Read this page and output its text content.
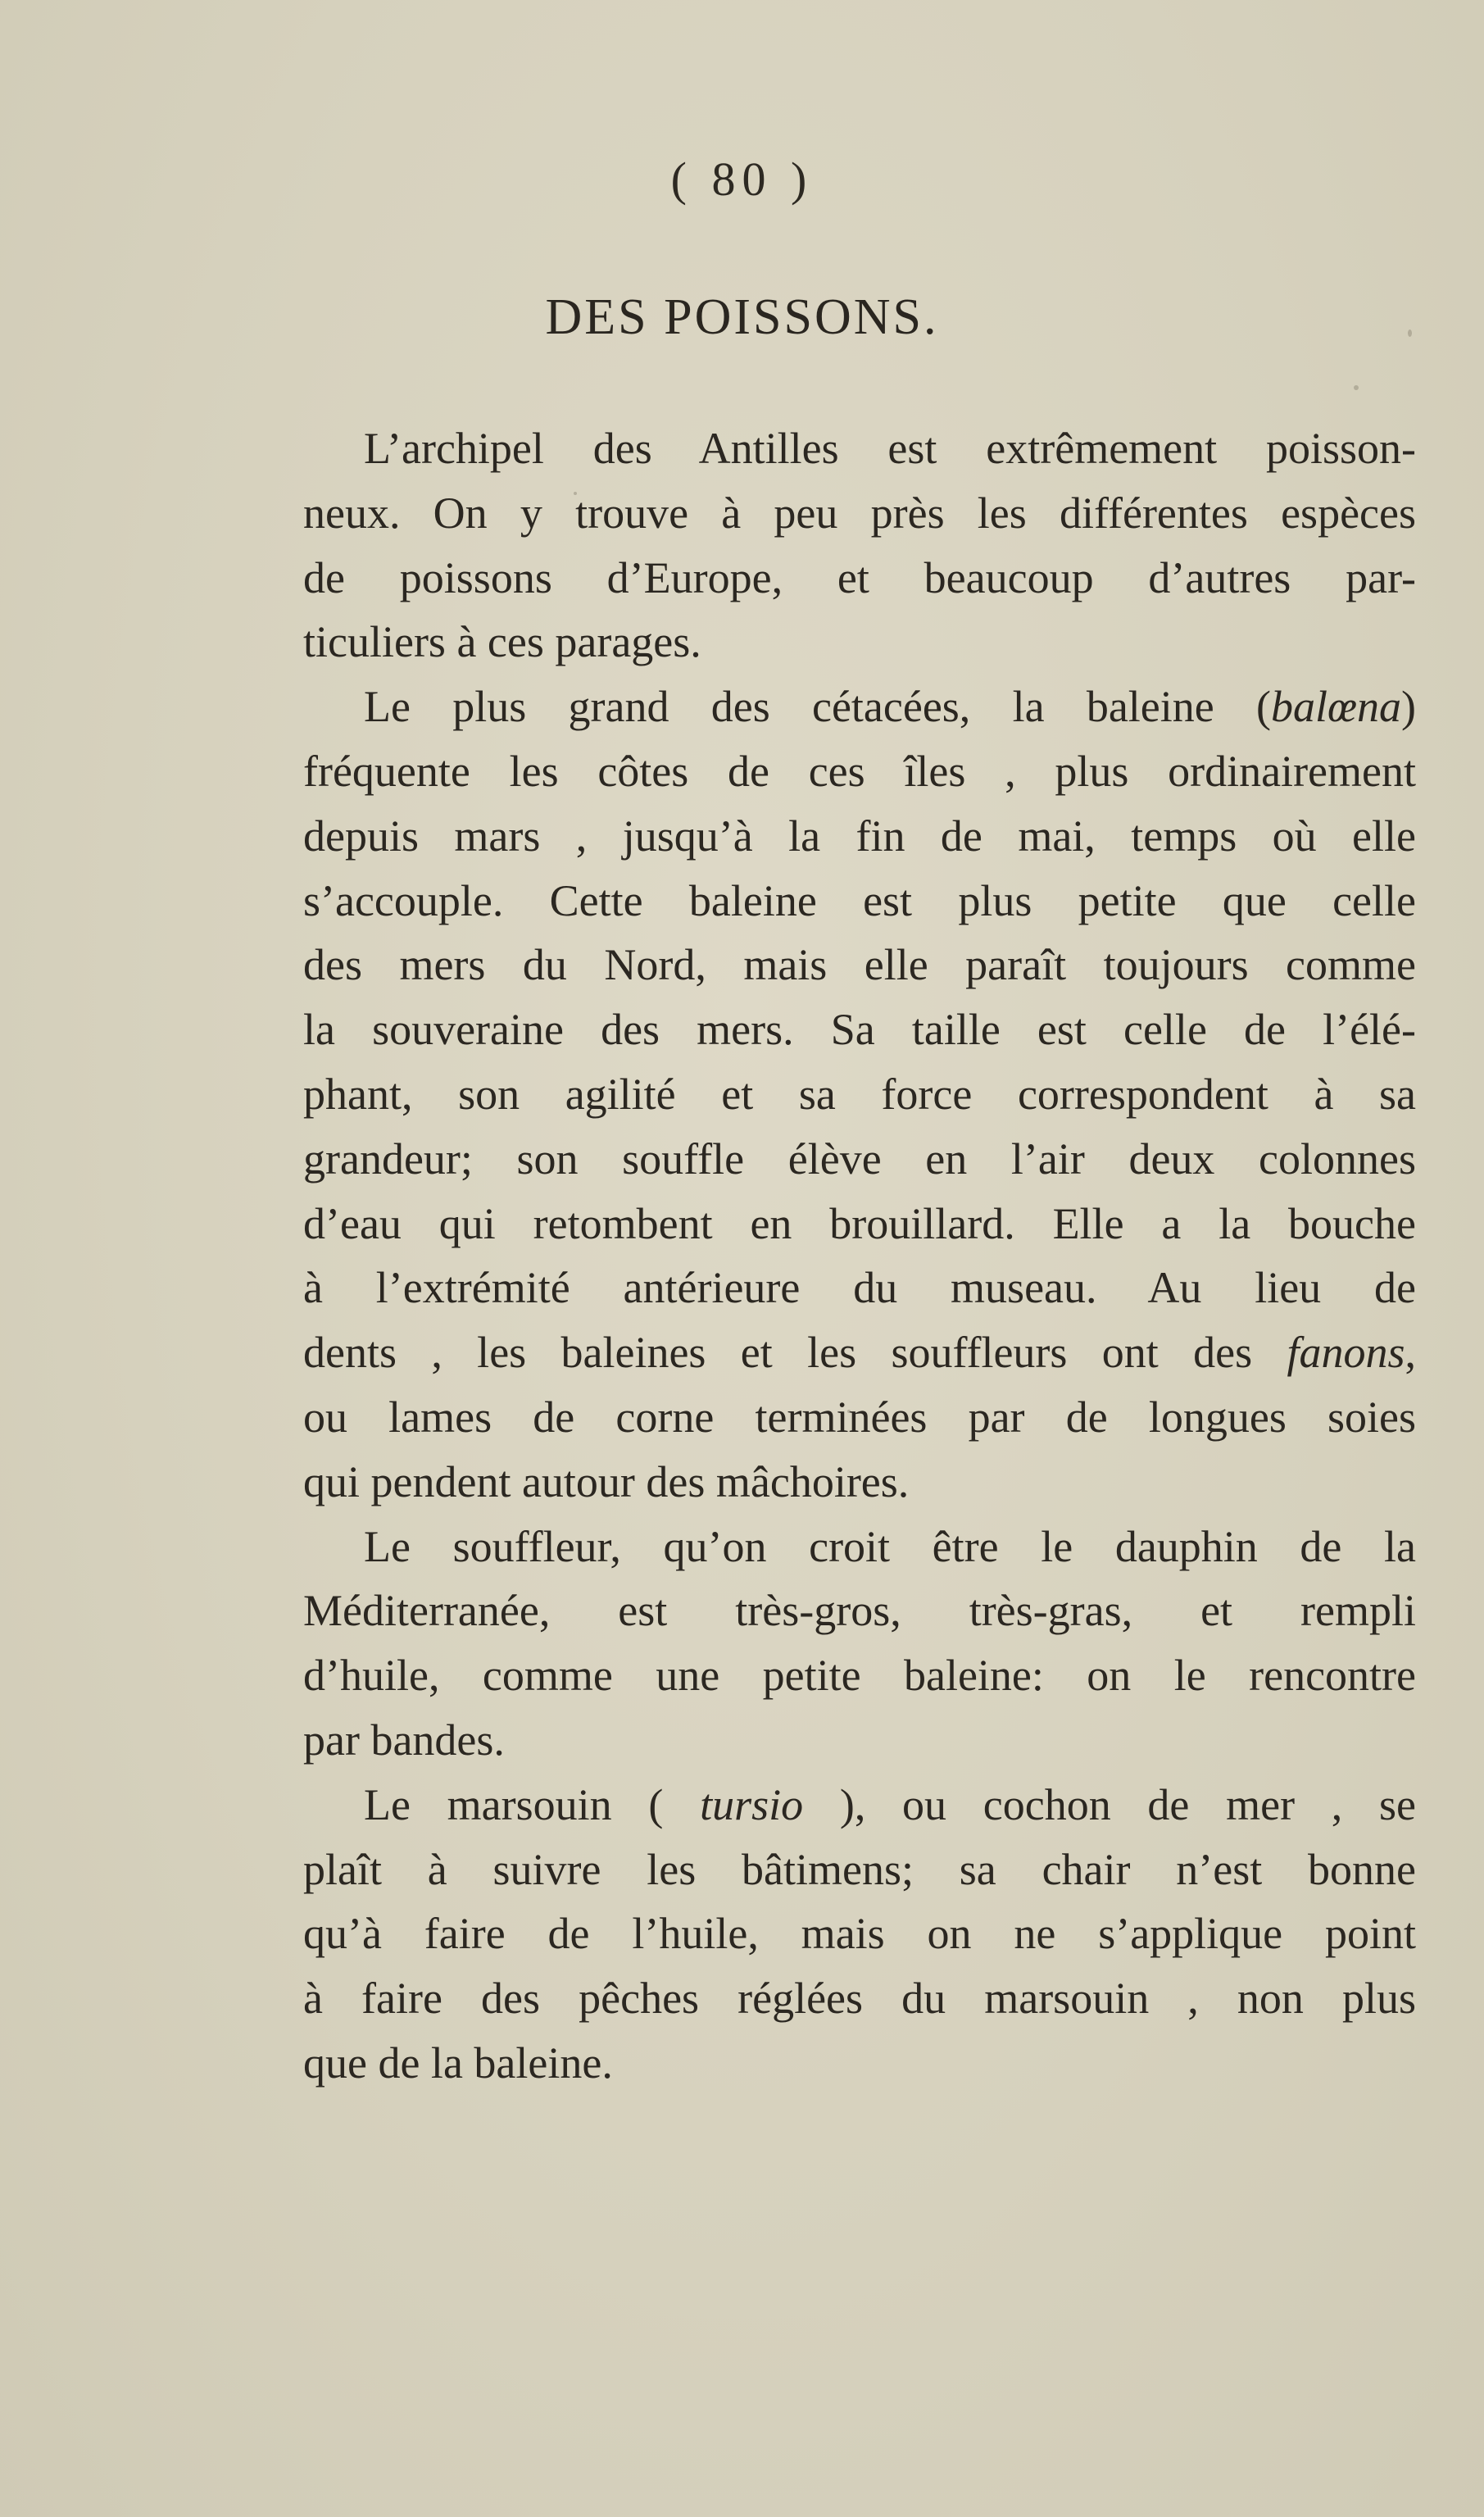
( 80 )
DES POISSONS.
L’archipel des Antilles est extrêmement poisson-
neux. On y trouve à peu près les différentes espèces
de poissons d’Europe, et beaucoup d’autres par-
ticuliers à ces parages.
Le plus grand des cétacées, la baleine (balœna)
fréquente les côtes de ces îles , plus ordinairement
depuis mars , jusqu’à la fin de mai, temps où elle
s’accouple. Cette baleine est plus petite que celle
des mers du Nord, mais elle paraît toujours comme
la souveraine des mers. Sa taille est celle de l’élé-
phant, son agilité et sa force correspondent à sa
grandeur; son souffle élève en l’air deux colonnes
d’eau qui retombent en brouillard. Elle a la bouche
à l’extrémité antérieure du museau. Au lieu de
dents , les baleines et les souffleurs ont des fanons,
ou lames de corne terminées par de longues soies
qui pendent autour des mâchoires.
Le souffleur, qu’on croit être le dauphin de la
Méditerranée, est très-gros, très-gras, et rempli
d’huile, comme une petite baleine: on le rencontre
par bandes.
Le marsouin ( tursio ), ou cochon de mer , se
plaît à suivre les bâtimens; sa chair n’est bonne
qu’à faire de l’huile, mais on ne s’applique point
à faire des pêches réglées du marsouin , non plus
que de la baleine.
